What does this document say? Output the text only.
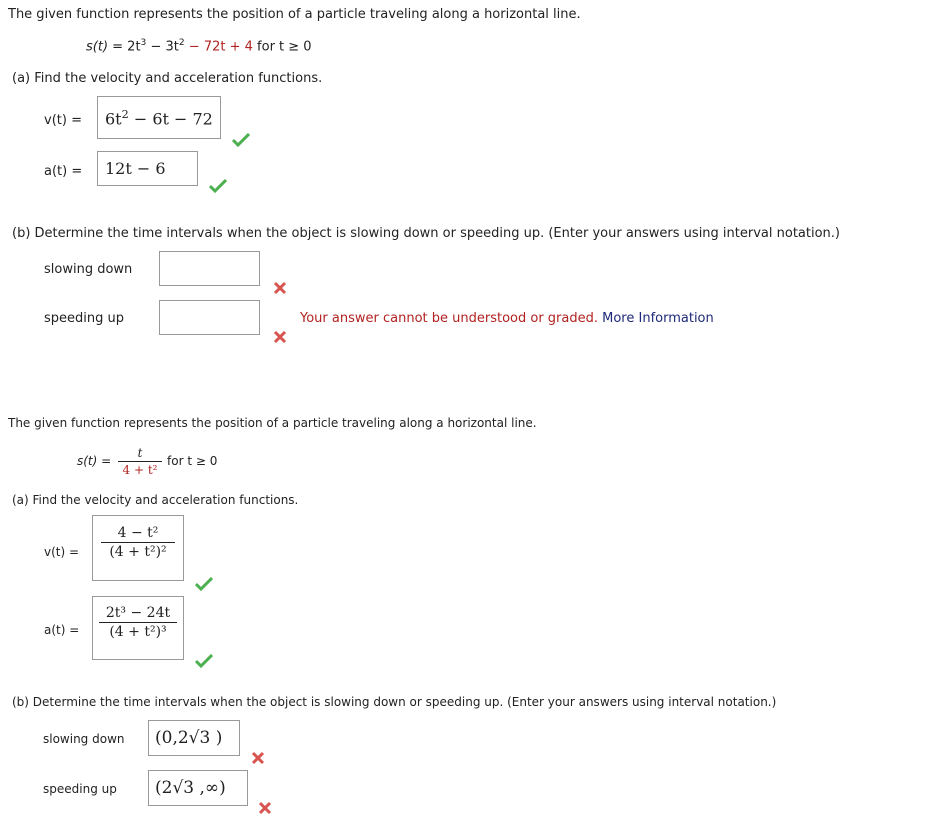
The given function represents the position of a particle traveling along a horizontal line.
$s(t) = 2t^3 - 3t^2 - 72t + 4$ for t ≥ 0
(a) Find the velocity and acceleration functions.
$v(t) = 6t^2 - 6t - 72$
a(t) = 12t − 6
(b) Determine the time intervals when the object is slowing down or speeding up. (Enter your answers using interval notation.)
slowing down
speeding up	Your answer cannot be understood or graded. More Information
The given function represents the position of a particle traveling along a horizontal line.
s(t) =
t
4 + t²
for t ≥ 0
(a) Find the velocity and acceleration functions.
v(t) =
4 − t²
(4 + t²)²
a(t) =
2t³ − 24t
(4 + t²)³
(b) Determine the time intervals when the object is slowing down or speeding up. (Enter your answers using interval notation.)
slowing down (0,2√3 )
speeding up (2√3 ,∞)
